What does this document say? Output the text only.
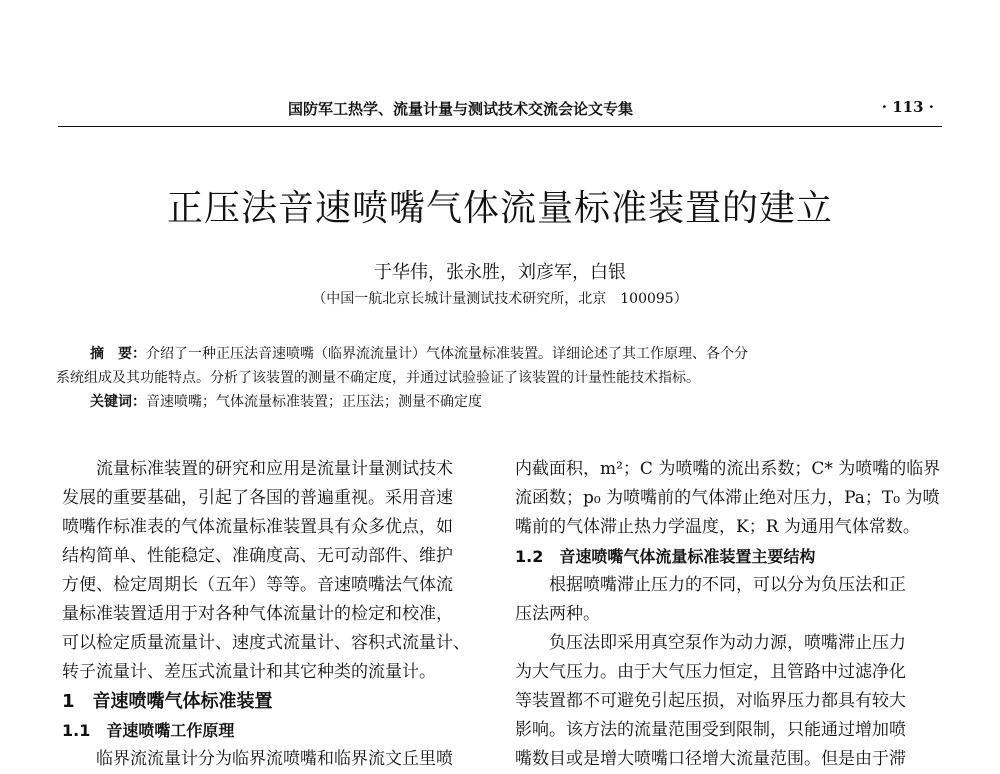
国防军工热学、流量计量与测试技术交流会论文专集	· 113 ·
正压法音速喷嘴气体流量标准装置的建立
于华伟，张永胜，刘彦军，白银
（中国一航北京长城计量测试技术研究所，北京　100095）
摘　要：介绍了一种正压法音速喷嘴（临界流流量计）气体流量标准装置。详细论述了其工作原理、各个分
系统组成及其功能特点。分析了该装置的测量不确定度，并通过试验验证了该装置的计量性能技术指标。
关键词：音速喷嘴；气体流量标准装置；正压法；测量不确定度
流量标准装置的研究和应用是流量计量测试技术
发展的重要基础，引起了各国的普遍重视。采用音速
喷嘴作标准表的气体流量标准装置具有众多优点，如
结构简单、性能稳定、准确度高、无可动部件、维护
方便、检定周期长（五年）等等。音速喷嘴法气体流
量标准装置适用于对各种气体流量计的检定和校准，
可以检定质量流量计、速度式流量计、容积式流量计、
转子流量计、差压式流量计和其它种类的流量计。
1　音速喷嘴气体标准装置
1.1　音速喷嘴工作原理
临界流流量计分为临界流喷嘴和临界流文丘里喷
内截面积，m²；C 为喷嘴的流出系数；C* 为喷嘴的临界
流函数；p₀ 为喷嘴前的气体滞止绝对压力，Pa；T₀ 为喷
嘴前的气体滞止热力学温度，K；R 为通用气体常数。
1.2　音速喷嘴气体流量标准装置主要结构
根据喷嘴滞止压力的不同，可以分为负压法和正
压法两种。
负压法即采用真空泵作为动力源，喷嘴滞止压力
为大气压力。由于大气压力恒定，且管路中过滤净化
等装置都不可避免引起压损，对临界压力都具有较大
影响。该方法的流量范围受到限制，只能通过增加喷
嘴数目或是增大喷嘴口径增大流量范围。但是由于滞
